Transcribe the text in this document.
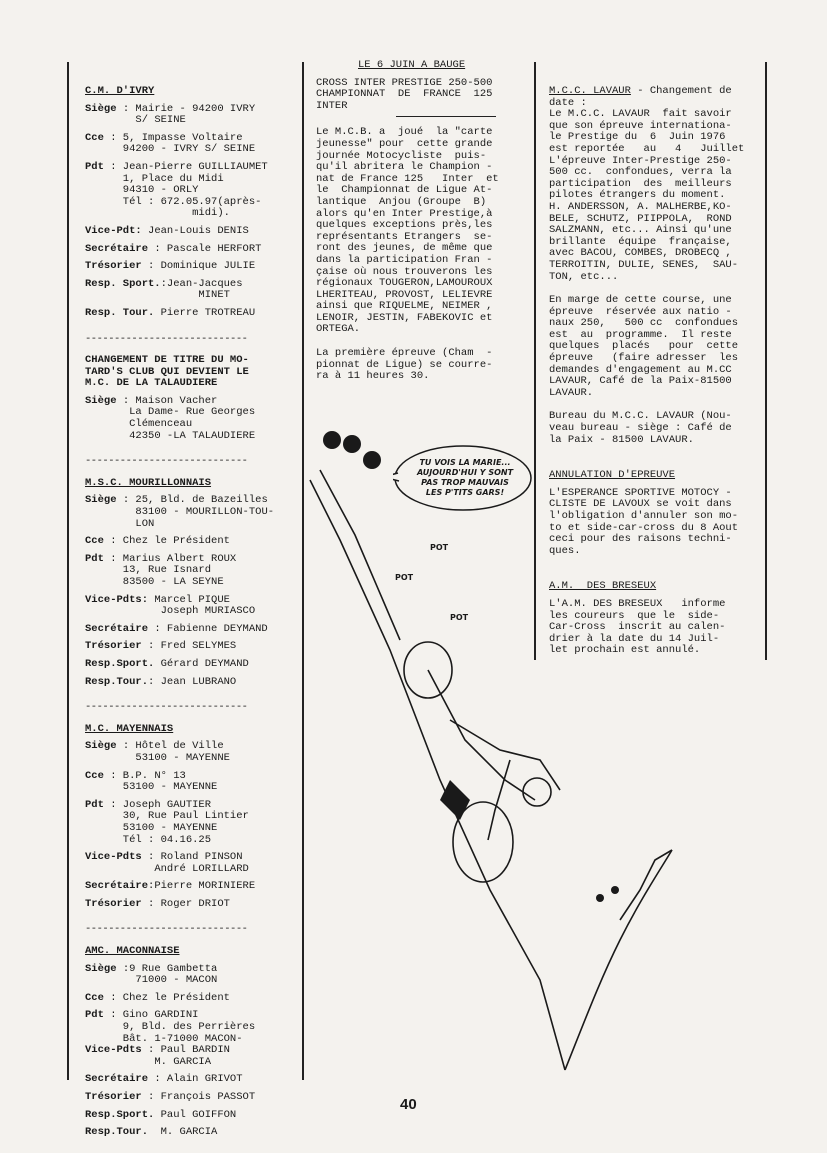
C.M. D'IVRY
Siège : Mairie - 94200 IVRY
S/ SEINE
Cce : 5, Impasse Voltaire
94200 - IVRY S/ SEINE
Pdt : Jean-Pierre GUILLIAUMET
1, Place du Midi
94310 - ORLY
Tél : 672.05.97(après-
midi).
Vice-Pdt: Jean-Louis DENIS
Secrétaire : Pascale HERFORT
Trésorier : Dominique JULIE
Resp. Sport. :Jean-Jacques
MINET
Resp. Tour. Pierre TROTREAU
----------------------------
CHANGEMENT DE TITRE DU MO-
TARD'S CLUB QUI DEVIENT LE
M.C. DE LA TALAUDIERE
Siège : Maison Vacher
La Dame- Rue Georges
Clémenceau
42350 -LA TALAUDIERE
----------------------------
M.S.C. MOURILLONNAIS
Siège : 25, Bld. de Bazeilles
83100 - MOURILLON-TOU-
LON
Cce : Chez le Président
Pdt : Marius Albert ROUX
13, Rue Isnard
83500 - LA SEYNE
Vice-Pdts: Marcel PIQUE
Joseph MURIASCO
Secrétaire : Fabienne DEYMAND
Trésorier : Fred SELYMES
Resp.Sport. Gérard DEYMAND
Resp.Tour. : Jean LUBRANO
----------------------------
M.C. MAYENNAIS
Siège : Hôtel de Ville
53100 - MAYENNE
Cce : B.P. N° 13
53100 - MAYENNE
Pdt : Joseph GAUTIER
30, Rue Paul Lintier
53100 - MAYENNE
Tél : 04.16.25
Vice-Pdts : Roland PINSON
André LORILLARD
Secrétaire :Pierre MORINIERE
Trésorier : Roger DRIOT
----------------------------
AMC. MACONNAISE
Siège :9 Rue Gambetta
71000 - MACON
Cce : Chez le Président
Pdt : Gino GARDINI
9, Bld. des Perrières
Bât. 1-71000 MACON-
Vice-Pdts : Paul BARDIN
M. GARCIA
Secrétaire : Alain GRIVOT
Trésorier : François PASSOT
Resp.Sport. Paul GOIFFON
Resp.Tour. M. GARCIA
LE 6 JUIN A BAUGE
CROSS INTER PRESTIGE 250-500
CHAMPIONNAT  DE  FRANCE  125
INTER
Le M.C.B. a  joué  la "carte
jeunesse" pour  cette grande
journée Motocycliste  puis-
qu'il abritera le Champion -
nat de France 125   Inter  et
le  Championnat de Ligue At-
lantique  Anjou (Groupe  B)
alors qu'en Inter Prestige,à
quelques exceptions près,les
représentants Etrangers  se-
ront des jeunes, de même que
dans la participation Fran -
çaise où nous trouverons les
régionaux TOUGERON,LAMOUROUX
LHERITEAU, PROVOST, LELIEVRE
ainsi que RIQUELME, NEIMER ,
LENOIR, JESTIN, FABEKOVIC et
ORTEGA.
La première épreuve (Cham  -
pionnat de Ligue) se courre-
ra à 11 heures 30.
POT
POT
POT
TU VOIS LA MARIE...
AUJOURD'HUI Y SONT
PAS TROP MAUVAIS
LES P'TITS GARS!
M.C.C. LAVAUR - Changement de
date :
Le M.C.C. LAVAUR  fait savoir
que son épreuve internationa-
le Prestige du  6  Juin 1976
est reportée   au   4   Juillet
L'épreuve Inter-Prestige 250-
500 cc.  confondues, verra la
participation  des  meilleurs
pilotes étrangers du moment.
H. ANDERSSON, A. MALHERBE,KO-
BELE, SCHUTZ, PIIPPOLA,  ROND
SALZMANN, etc... Ainsi qu'une
brillante  équipe  française,
avec BACOU, COMBES, DROBECQ ,
TERROITIN, DULIE, SENES,  SAU-
TON, etc...
En marge de cette course, une
épreuve  réservée aux natio -
naux 250,   500 cc  confondues
est  au  programme.  Il reste
quelques  placés   pour  cette
épreuve   (faire adresser  les
demandes d'engagement au M.CC
LAVAUR, Café de la Paix-81500
LAVAUR.
Bureau du M.C.C. LAVAUR (Nou-
veau bureau - siège : Café de
la Paix - 81500 LAVAUR.
ANNULATION D'EPREUVE
L'ESPERANCE SPORTIVE MOTOCY -
CLISTE DE LAVOUX se voit dans
l'obligation d'annuler son mo-
to et side-car-cross du 8 Aout
ceci pour des raisons techni-
ques.
A.M.  DES BRESEUX
L'A.M. DES BRESEUX   informe
les coureurs  que le  side-
Car-Cross  inscrit au calen-
drier à la date du 14 Juil-
let prochain est annulé.
40
